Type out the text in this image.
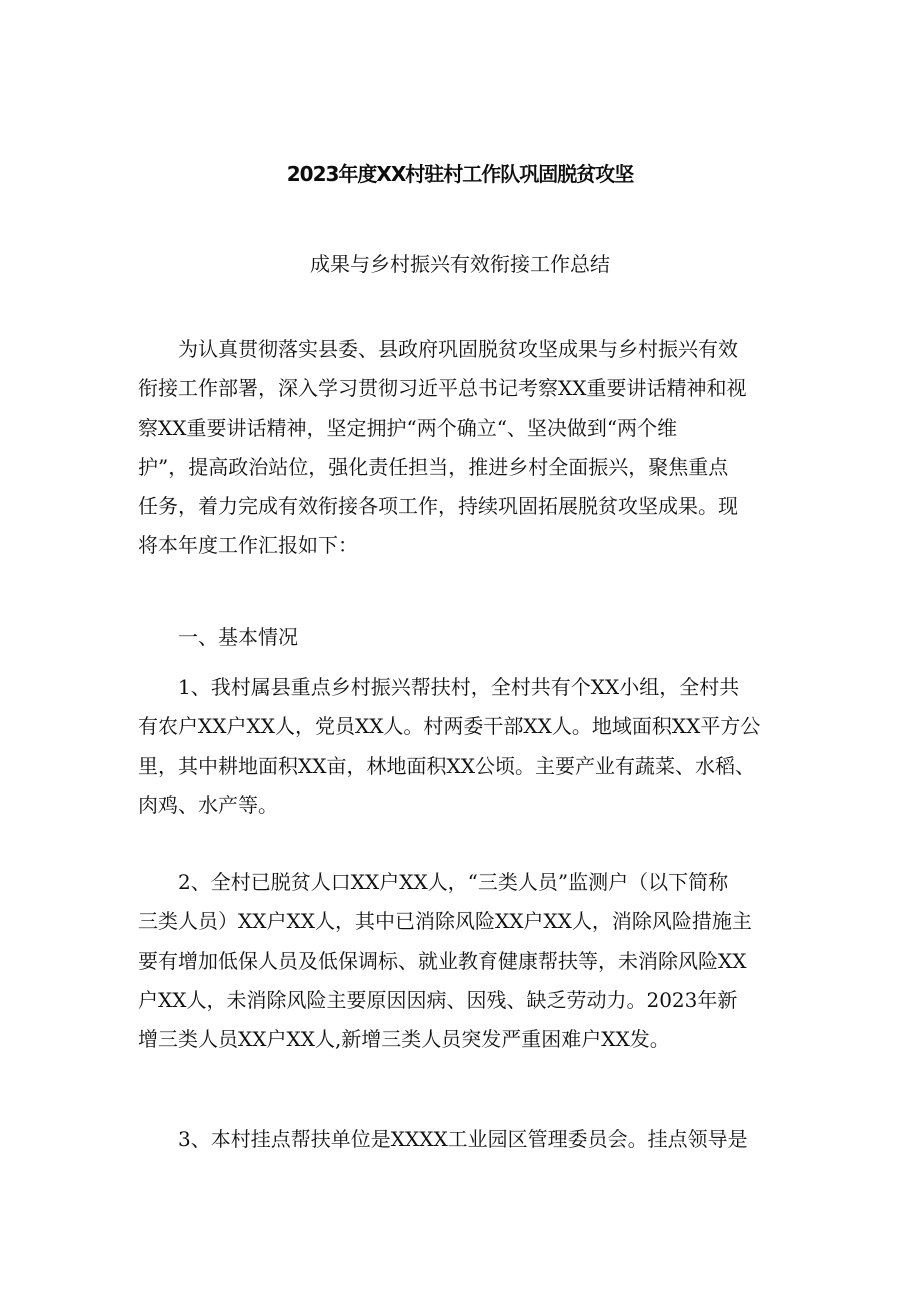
2023年度XX村驻村工作队巩固脱贫攻坚
成果与乡村振兴有效衔接工作总结
为认真贯彻落实县委、县政府巩固脱贫攻坚成果与乡村振兴有效
衔接工作部署，深入学习贯彻习近平总书记考察XX重要讲话精神和视
察XX重要讲话精神，坚定拥护“两个确立“、坚决做到“两个维
护”，提高政治站位，强化责任担当，推进乡村全面振兴，聚焦重点
任务，着力完成有效衔接各项工作，持续巩固拓展脱贫攻坚成果。现
将本年度工作汇报如下：
一、基本情况
1、我村属县重点乡村振兴帮扶村，全村共有个XX小组，全村共
有农户XX户XX人，党员XX人。村两委干部XX人。地域面积XX平方公
里，其中耕地面积XX亩，林地面积XX公顷。主要产业有蔬菜、水稻、
肉鸡、水产等。
2、全村已脱贫人口XX户XX人，“三类人员”监测户（以下简称
三类人员）XX户XX人，其中已消除风险XX户XX人，消除风险措施主
要有增加低保人员及低保调标、就业教育健康帮扶等，未消除风险XX
户XX人，未消除风险主要原因因病、因残、缺乏劳动力。2023年新
增三类人员XX户XX人,新增三类人员突发严重困难户XX发。
3、本村挂点帮扶单位是XXXX工业园区管理委员会。挂点领导是
